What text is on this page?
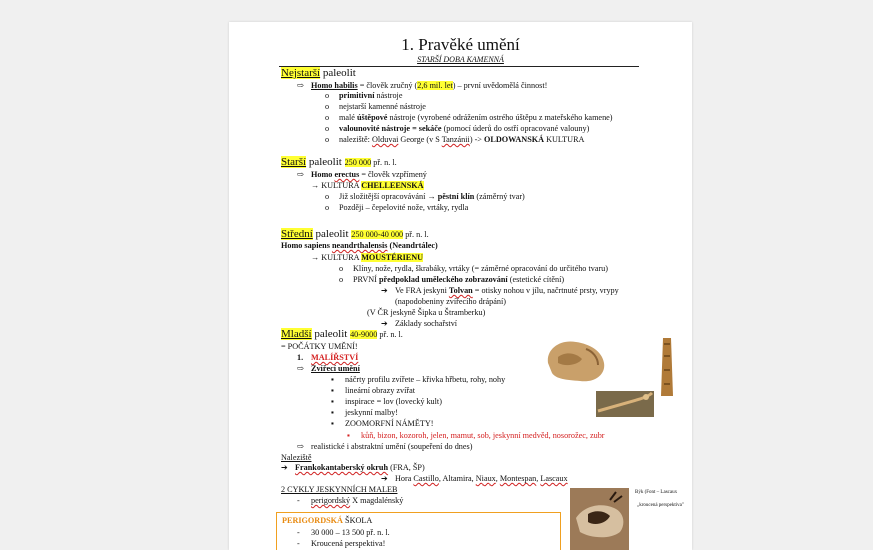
1. Pravěké umění
STARŠÍ DOBA KAMENNÁ
Nejstarší paleolit
⇨ Homo habilis = člověk zručný (2,6 mil. let) – první uvědomělá činnost!
o primitivní nástroje
o nejstarší kamenné nástroje
o malé úštěpové nástroje (vyrobené odrážením ostrého úštěpu z mateřského kamene)
o valounovité nástroje = sekáče (pomocí úderů do ostří opracované valouny)
o naleziště: Olduvai George (v S Tanzánii) -> OLDOWANSKÁ KULTURA
Starší paleolit 250 000 př. n. l.
⇨ Homo erectus = člověk vzpřímený
→ KULTURA CHELLEENSKÁ
o Již složitější opracovávání → pěstní klín (záměrný tvar)
o Později – čepelovité nože, vrtáky, rydla
Střední paleolit 250 000-40 000 př. n. l.
Homo sapiens neandrthalensis (Neandrtálec)
→ KULTURA MOUSTÉRIENU
o Klíny, nože, rydla, škrabáky, vrtáky (= záměrné opracování do určitého tvaru)
o PRVNÍ předpoklad uměleckého zobrazování (estetické cítění)
➔ Ve FRA jeskyni Tolvan = otisky nohou v jílu, načrtnuté prsty, vrypy
(napodobeniny zvířecího drápání)
(V ČR jeskyně Šipka u Štramberku)
➔ Základy sochařství
Mladší paleolit 40-9000 př. n. l.
= POČÁTKY UMĚNÍ!
1. MALÍŘSTVÍ
⇨ Zvířecí umění
▪ náčrty profilu zvířete – křivka hřbetu, rohy, nohy
▪ lineární obrazy zvířat
▪ inspirace = lov (lovecký kult)
▪ jeskynní malby!
▪ ZOOMORFNÍ NÁMĚTY!
▪ kůň, bizon, kozoroh, jelen, mamut, sob, jeskynní medvěd, nosorožec, zubr
⇨ realistické i abstraktní umění (soupeření do dnes)
Naleziště
➔ Frankokantaberský okruh (FRA, ŠP)
➔ Hora Castillo, Altamira, Niaux, Montespan, Lascaux
2 CYKLY JESKYNNÍCH MALEB
- perigordský X magdalénský
PERIGORDSKÁ ŠKOLA
- 30 000 – 13 500 př. n. l.
- Kroucená perspektiva!
Býk (Font – Lascaux
„kroucená perspektiva"
